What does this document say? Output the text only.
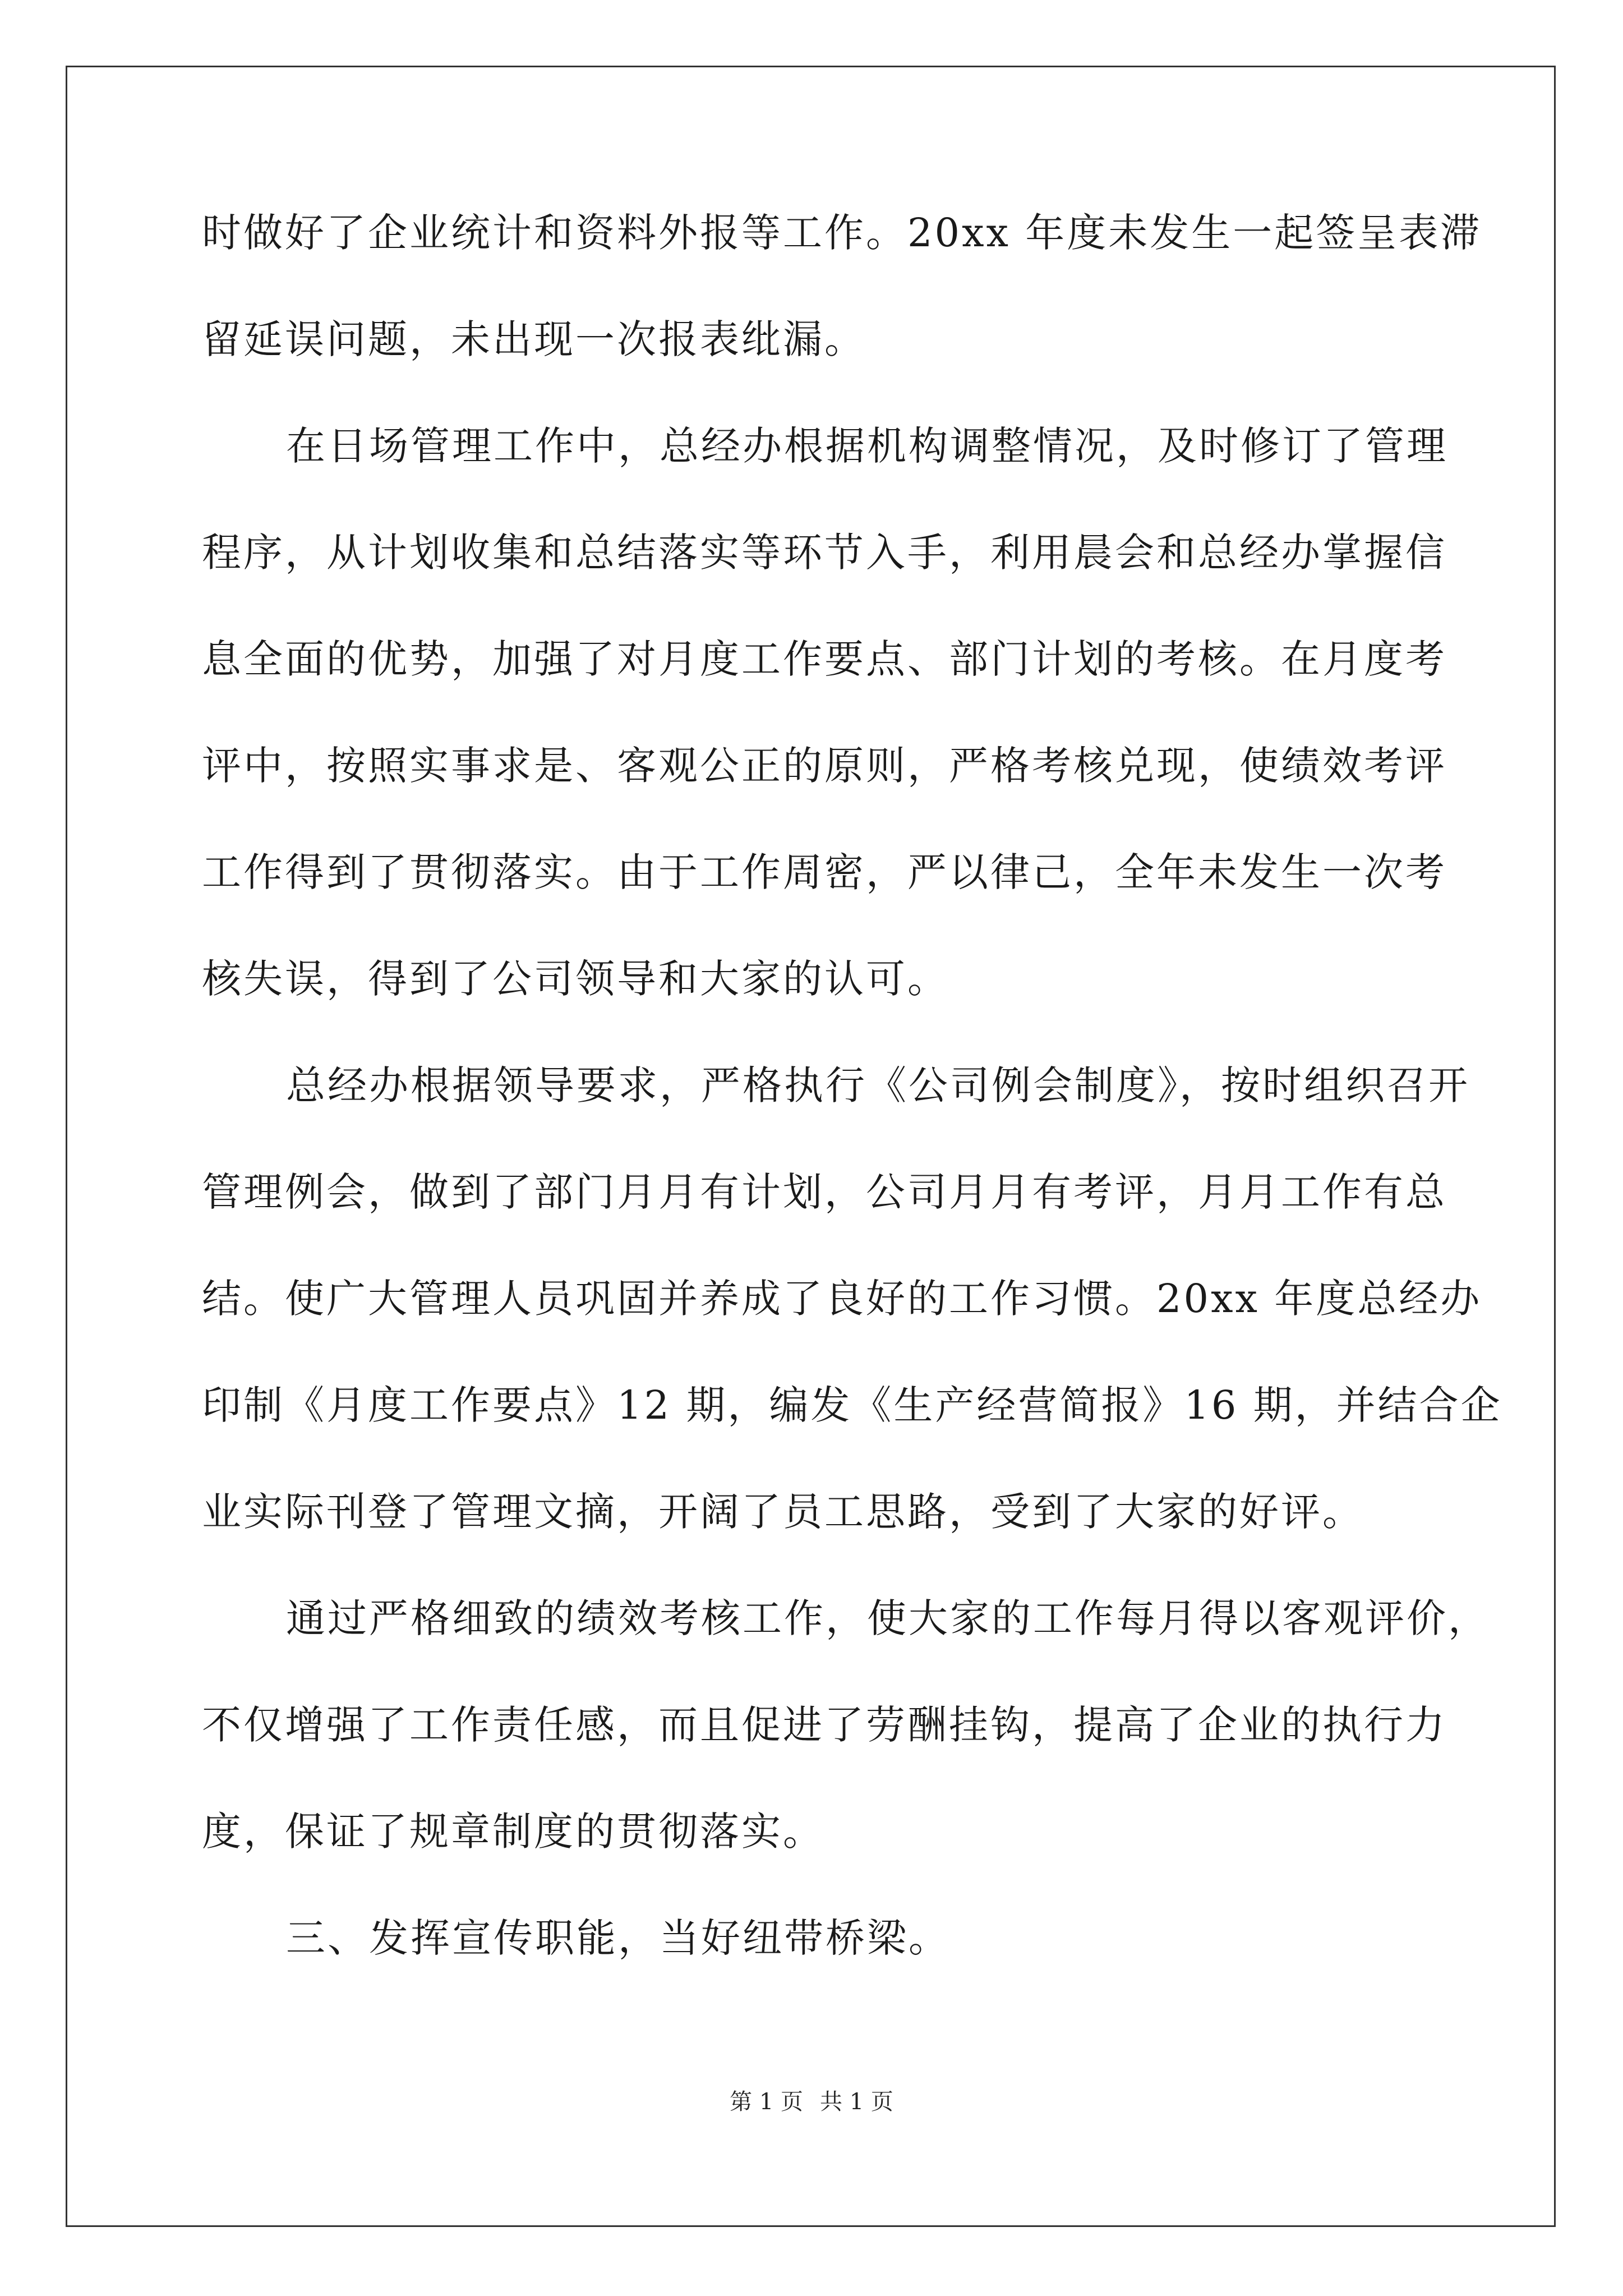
时做好了企业统计和资料外报等工作。20xx 年度未发生一起签呈表滞
留延误问题，未出现一次报表纰漏。
在日场管理工作中，总经办根据机构调整情况，及时修订了管理
程序，从计划收集和总结落实等环节入手，利用晨会和总经办掌握信
息全面的优势，加强了对月度工作要点、部门计划的考核。在月度考
评中，按照实事求是、客观公正的原则，严格考核兑现，使绩效考评
工作得到了贯彻落实。由于工作周密，严以律己，全年未发生一次考
核失误，得到了公司领导和大家的认可。
总经办根据领导要求，严格执行《公司例会制度》，按时组织召开
管理例会，做到了部门月月有计划，公司月月有考评，月月工作有总
结。使广大管理人员巩固并养成了良好的工作习惯。20xx 年度总经办
印制《月度工作要点》12 期，编发《生产经营简报》16 期，并结合企
业实际刊登了管理文摘，开阔了员工思路，受到了大家的好评。
通过严格细致的绩效考核工作，使大家的工作每月得以客观评价，
不仅增强了工作责任感，而且促进了劳酬挂钩，提高了企业的执行力
度，保证了规章制度的贯彻落实。
三、发挥宣传职能，当好纽带桥梁。
第 1 页 共 1 页
